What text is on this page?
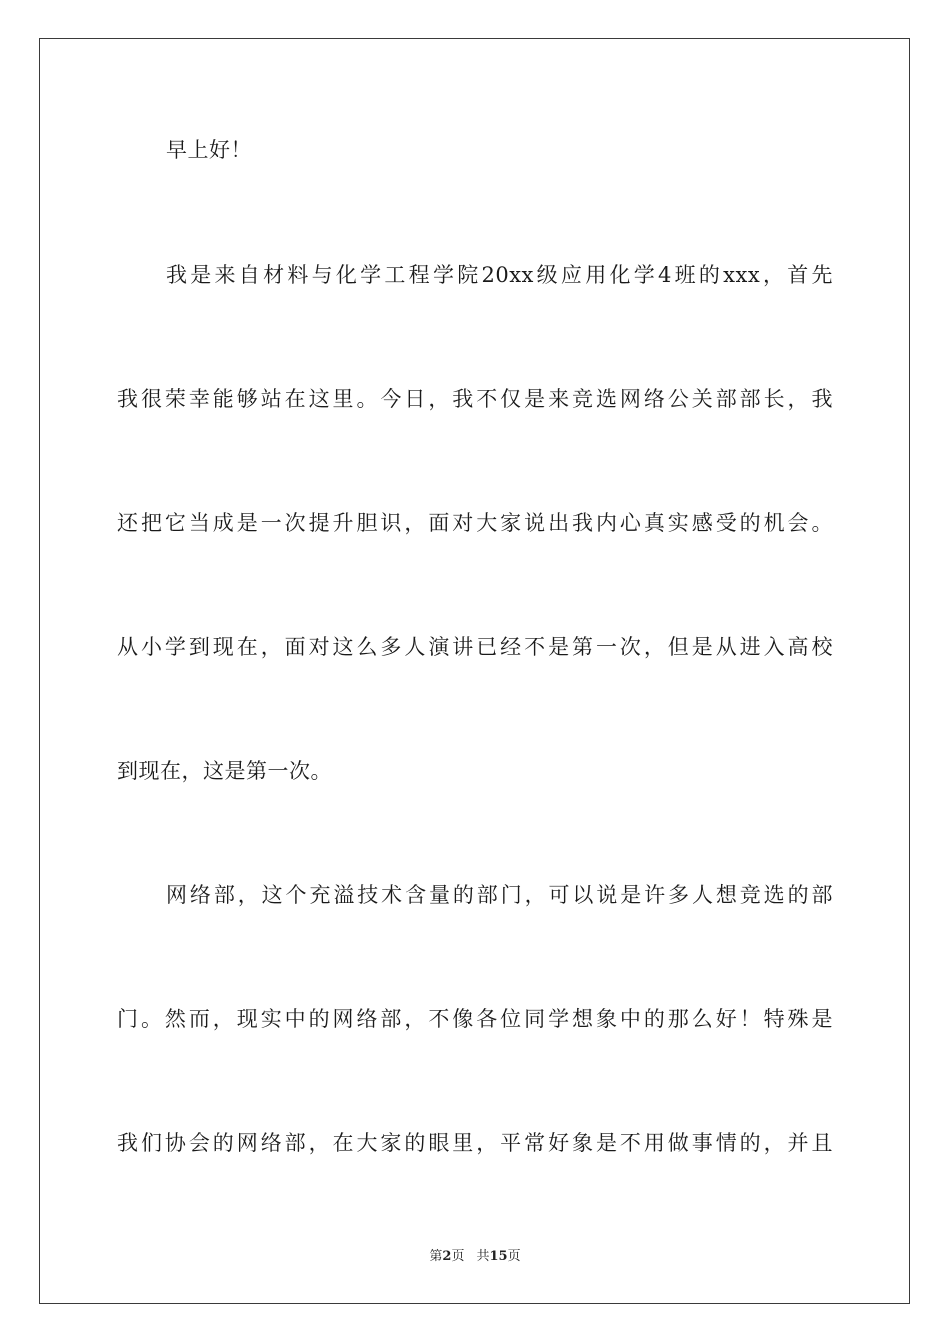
早上好！
我是来自材料与化学工程学院20xx级应用化学4班的xxx，首先
我很荣幸能够站在这里。今日，我不仅是来竞选网络公关部部长，我
还把它当成是一次提升胆识，面对大家说出我内心真实感受的机会。
从小学到现在，面对这么多人演讲已经不是第一次，但是从进入高校
到现在，这是第一次。
网络部，这个充溢技术含量的部门，可以说是许多人想竞选的部
门。然而，现实中的网络部，不像各位同学想象中的那么好！特殊是
我们协会的网络部，在大家的眼里，平常好象是不用做事情的，并且
第2页 共15页
